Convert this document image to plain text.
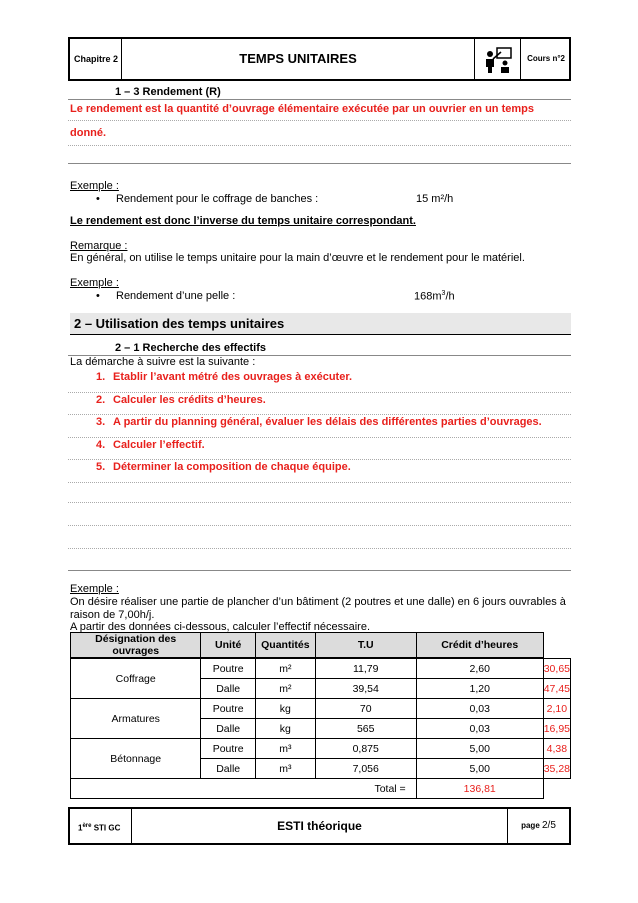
Chapitre 2	TEMPS UNITAIRES	Cours n°2
1 – 3 Rendement (R)
Le rendement est la quantité d’ouvrage élémentaire exécutée par un ouvrier en un temps
donné.
Exemple :
• Rendement pour le coffrage de banches :	15 m²/h
Le rendement est donc l’inverse du temps unitaire correspondant.
Remarque :
En général, on utilise le temps unitaire pour la main d’œuvre et le rendement pour le matériel.
Exemple :
• Rendement d’une pelle :	$168m^3/h$
2 – Utilisation des temps unitaires
2 – 1 Recherche des effectifs
La démarche à suivre est la suivante :
1. Etablir l’avant métré des ouvrages à exécuter.
2. Calculer les crédits d’heures.
3. A partir du planning général, évaluer les délais des différentes parties d’ouvrages.
4. Calculer l’effectif.
5. Déterminer la composition de chaque équipe.
Exemple :
On désire réaliser une partie de plancher d’un bâtiment (2 poutres et une dalle) en 6 jours ouvrables à
raison de 7,00h/j.
A partir des données ci-dessous, calculer l’effectif nécessaire.
Désignation des ouvrages	Unité	Quantités	T.U	Crédit d’heures	

Coffrage	Poutre	m²	11,79	2,60	30,65
	Dalle	m²	39,54	1,20	47,45
Armatures	Poutre	kg	70	0,03	2,10
	Dalle	kg	565	0,03	16,95
Bétonnage	Poutre	m³	0,875	5,00	4,38
	Dalle	m³	7,056	5,00	35,28
Total =				136,81	
1ère STI GC	ESTI théorique	page 2/5
